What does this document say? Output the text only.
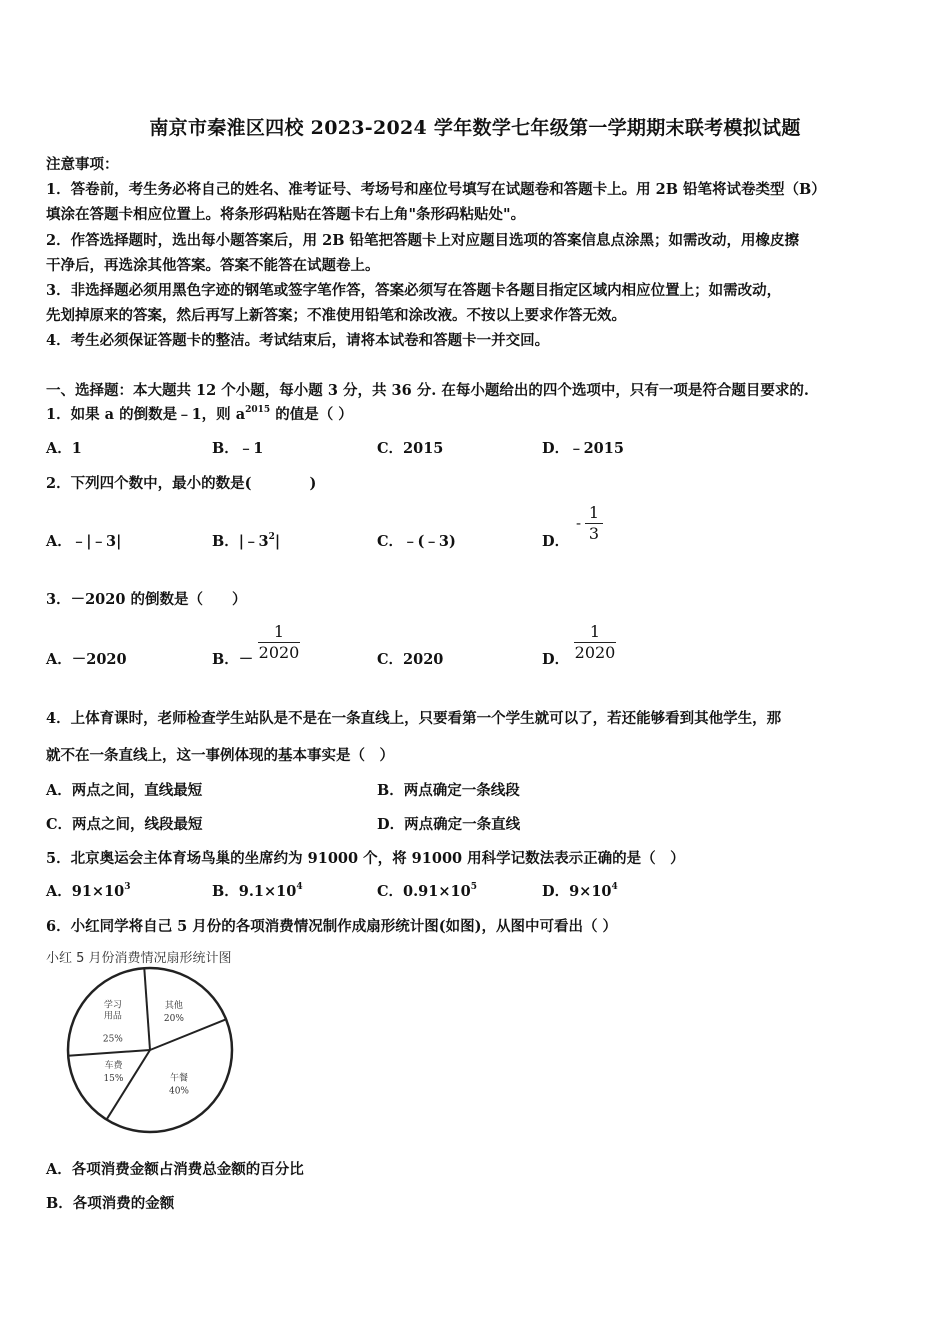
南京市秦淮区四校 2023-2024 学年数学七年级第一学期期末联考模拟试题
注意事项：
1．答卷前，考生务必将自己的姓名、准考证号、考场号和座位号填写在试题卷和答题卡上。用 2B 铅笔将试卷类型（B）
填涂在答题卡相应位置上。将条形码粘贴在答题卡右上角"条形码粘贴处"。
2．作答选择题时，选出每小题答案后，用 2B 铅笔把答题卡上对应题目选项的答案信息点涂黑；如需改动，用橡皮擦
干净后，再选涂其他答案。答案不能答在试题卷上。
3．非选择题必须用黑色字迹的钢笔或签字笔作答，答案必须写在答题卡各题目指定区域内相应位置上；如需改动，
先划掉原来的答案，然后再写上新答案；不准使用铅笔和涂改液。不按以上要求作答无效。
4．考生必须保证答题卡的整洁。考试结束后，请将本试卷和答题卡一并交回。
一、选择题：本大题共 12 个小题，每小题 3 分，共 36 分. 在每小题给出的四个选项中，只有一项是符合题目要求的.
1．如果 a 的倒数是﹣1，则 $a^{2015}$ 的值是（ ）
A．1	B．﹣1	C．2015	D．﹣2015
2．下列四个数中，最小的数是(　　　　)
A．﹣|﹣3|	B．$|﹣3^2|$	C．﹣(﹣3)	D．
- $\frac{1}{3}$
3．－2020 的倒数是（　　）
A．－2020	B．－ $\frac{1}{2020}$	C．2020	D． $\frac{1}{2020}$
4．上体育课时，老师检查学生站队是不是在一条直线上，只要看第一个学生就可以了，若还能够看到其他学生，那
就不在一条直线上，这一事例体现的基本事实是（　）
A．两点之间，直线最短	B．两点确定一条线段
C．两点之间，线段最短	D．两点确定一条直线
5．北京奥运会主体育场鸟巢的坐席约为 91000 个，将 91000 用科学记数法表示正确的是（　）
A．$91\times 10^3$	B．$9.1\times 10^4$	C．$0.91\times 10^5$	D．$9\times 10^4$
6．小红同学将自己 5 月份的各项消费情况制作成扇形统计图(如图)，从图中可看出（ ）
小红 5 月份消费情况扇形统计图
其他
20%
午餐
40%
车费
15%
学习用品
25%
A．各项消费金额占消费总金额的百分比
B．各项消费的金额
